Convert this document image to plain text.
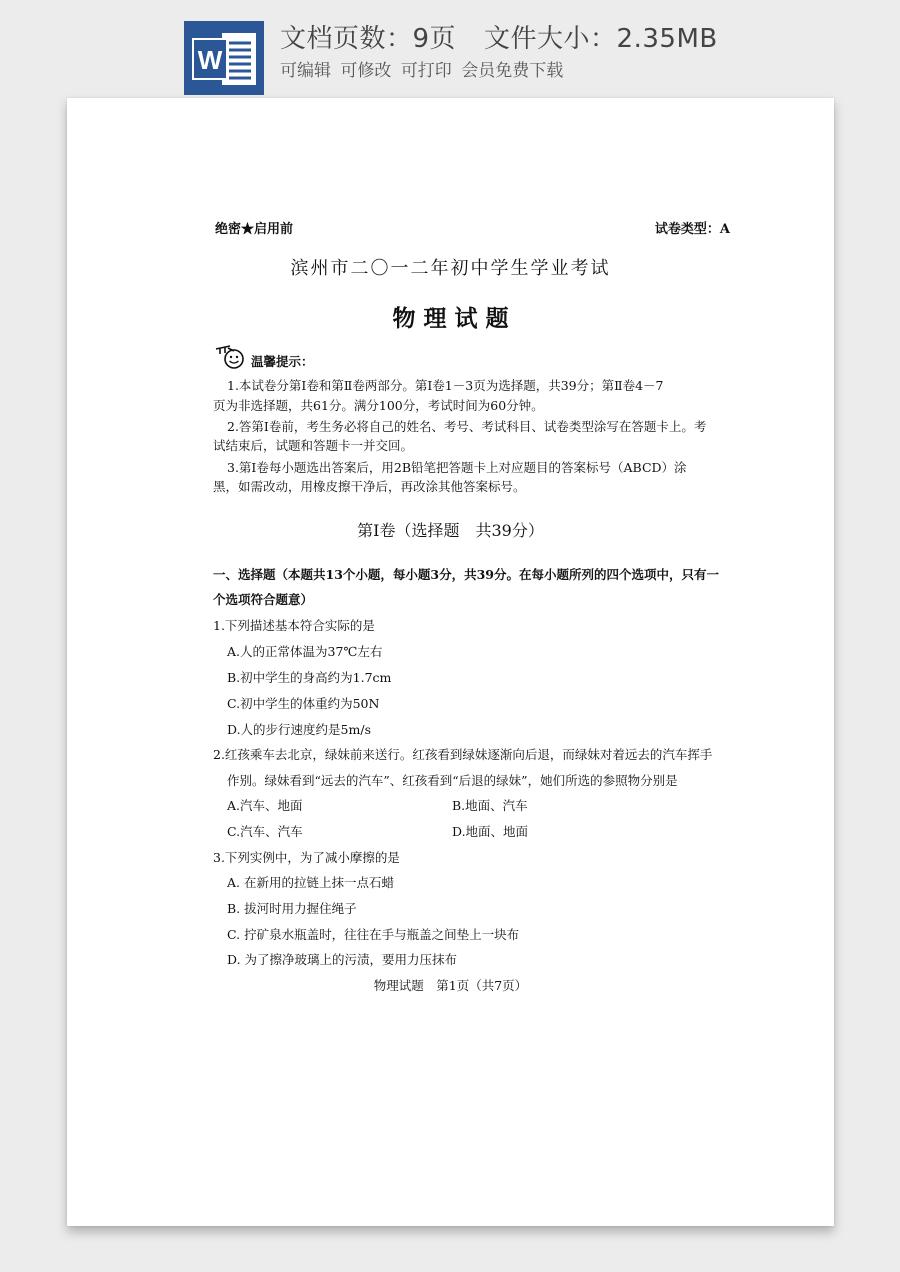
W
文档页数：9页 文件大小：2.35MB
可编辑 可修改 可打印 会员免费下载
绝密★启用前	试卷类型：A
滨州市二〇一二年初中学生学业考试
物 理 试 题
温馨提示：
1.本试卷分第Ⅰ卷和第Ⅱ卷两部分。第Ⅰ卷1－3页为选择题，共39分；第Ⅱ卷4－7
页为非选择题，共61分。满分100分，考试时间为60分钟。
2.答第Ⅰ卷前，考生务必将自己的姓名、考号、考试科目、试卷类型涂写在答题卡上。考
试结束后，试题和答题卡一并交回。
3.第Ⅰ卷每小题选出答案后，用2B铅笔把答题卡上对应题目的答案标号（ABCD）涂
黑，如需改动，用橡皮擦干净后，再改涂其他答案标号。
第Ⅰ卷（选择题　共39分）
一、选择题（本题共13个小题，每小题3分，共39分。在每小题所列的四个选项中，只有一
个选项符合题意）
1.下列描述基本符合实际的是
A.人的正常体温为37℃左右
B.初中学生的身高约为1.7cm
C.初中学生的体重约为50N
D.人的步行速度约是5m/s
2.红孩乘车去北京，绿妹前来送行。红孩看到绿妹逐渐向后退，而绿妹对着远去的汽车挥手
作别。绿妹看到“远去的汽车”、红孩看到“后退的绿妹”，她们所选的参照物分别是
A.汽车、地面	B.地面、汽车
C.汽车、汽车	D.地面、地面
3.下列实例中，为了减小摩擦的是
A. 在新用的拉链上抹一点石蜡
B. 拔河时用力握住绳子
C. 拧矿泉水瓶盖时，往往在手与瓶盖之间垫上一块布
D. 为了擦净玻璃上的污渍，要用力压抹布
物理试题　第1页（共7页）
